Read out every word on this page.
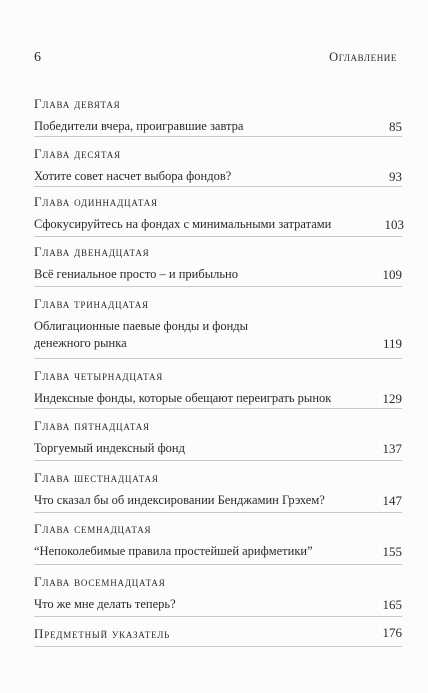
6	Оглавление
Глава девятая
Победители вчера, проигравшие завтра	85
Глава десятая
Хотите совет насчет выбора фондов?	93
Глава одиннадцатая
Сфокусируйтесь на фондах с минимальными затратами	103
Глава двенадцатая
Всё гениальное просто – и прибыльно	109
Глава тринадцатая
Облигационные паевые фонды и фонды
денежного рынка	119
Глава четырнадцатая
Индексные фонды, которые обещают переиграть рынок	129
Глава пятнадцатая
Торгуемый индексный фонд	137
Глава шестнадцатая
Что сказал бы об индексировании Бенджамин Грэхем?	147
Глава семнадцатая
“Непоколебимые правила простейшей арифметики”	155
Глава восемнадцатая
Что же мне делать теперь?	165
Предметный указатель	176
